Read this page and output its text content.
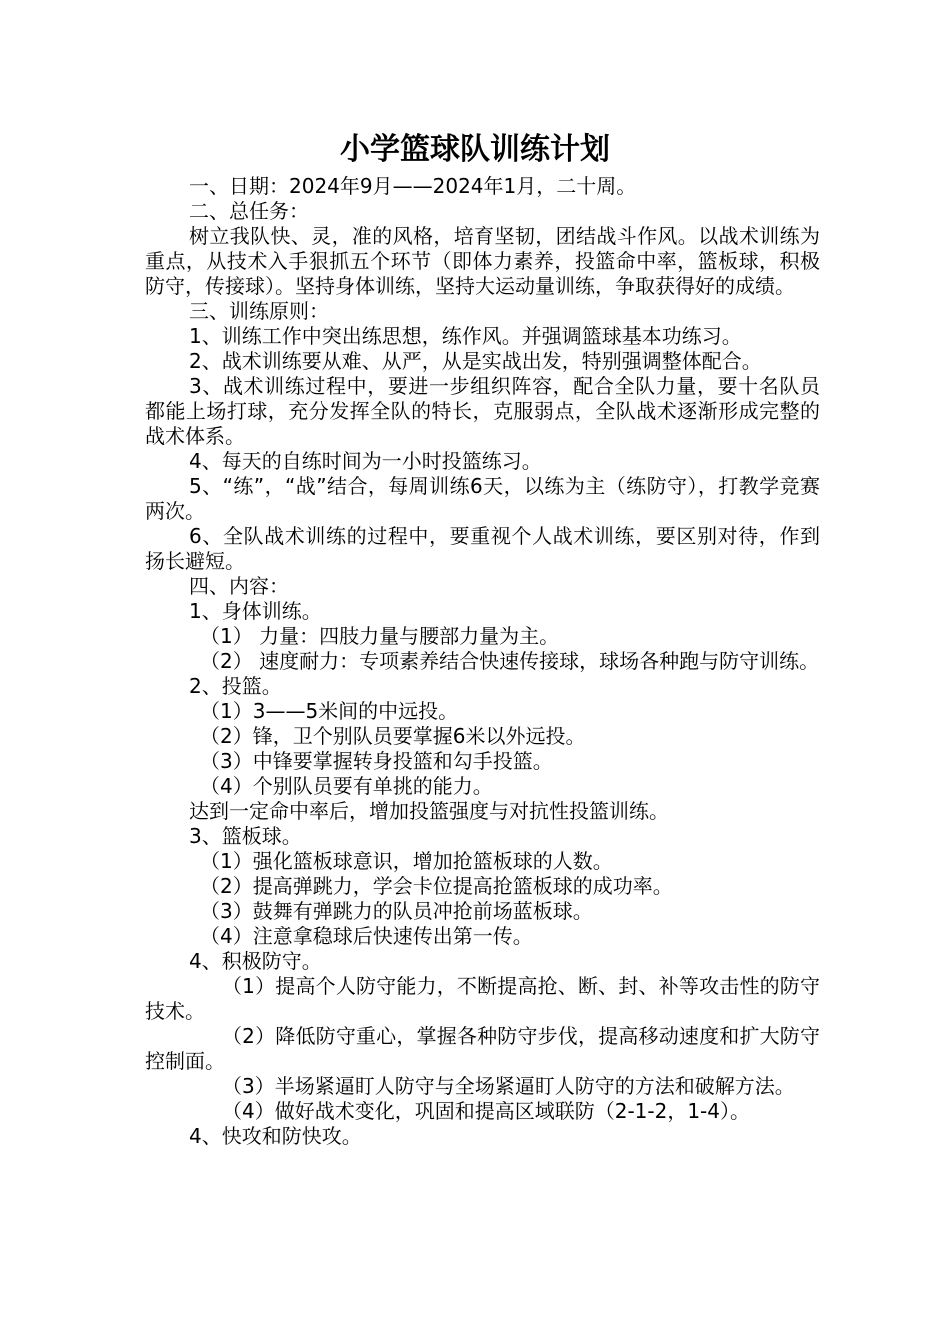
小学篮球队训练计划

一、日期：2024年9月——2024年1月，二十周。

二、总任务：

树立我队快、灵，准的风格，培育坚韧，团结战斗作风。以战术训练为重点，从技术入手狠抓五个环节（即体力素养，投篮命中率，篮板球，积极防守，传接球）。坚持身体训练，坚持大运动量训练，争取获得好的成绩。

三、训练原则：

1、训练工作中突出练思想，练作风。并强调篮球基本功练习。

2、战术训练要从难、从严，从是实战出发，特别强调整体配合。

3、战术训练过程中，要进一步组织阵容，配合全队力量，要十名队员都能上场打球，充分发挥全队的特长，克服弱点，全队战术逐渐形成完整的战术体系。

4、每天的自练时间为一小时投篮练习。

5、“练”，“战”结合，每周训练6天，以练为主（练防守），打教学竞赛两次。

6、全队战术训练的过程中，要重视个人战术训练，要区别对待，作到扬长避短。

四、内容：

1、身体训练。

（1） 力量：四肢力量与腰部力量为主。

（2） 速度耐力：专项素养结合快速传接球，球场各种跑与防守训练。

2、投篮。

（1）3——5米间的中远投。

（2）锋，卫个别队员要掌握6米以外远投。

（3）中锋要掌握转身投篮和勾手投篮。

（4）个别队员要有单挑的能力。

达到一定命中率后，增加投篮强度与对抗性投篮训练。

3、篮板球。

（1）强化篮板球意识，增加抢篮板球的人数。

（2）提高弹跳力，学会卡位提高抢篮板球的成功率。

（3）鼓舞有弹跳力的队员冲抢前场蓝板球。

（4）注意拿稳球后快速传出第一传。

4、积极防守。

（1）提高个人防守能力，不断提高抢、断、封、补等攻击性的防守技术。

（2）降低防守重心，掌握各种防守步伐，提高移动速度和扩大防守控制面。

（3）半场紧逼盯人防守与全场紧逼盯人防守的方法和破解方法。

（4）做好战术变化，巩固和提高区域联防（2-1-2，1-4）。

4、快攻和防快攻。
